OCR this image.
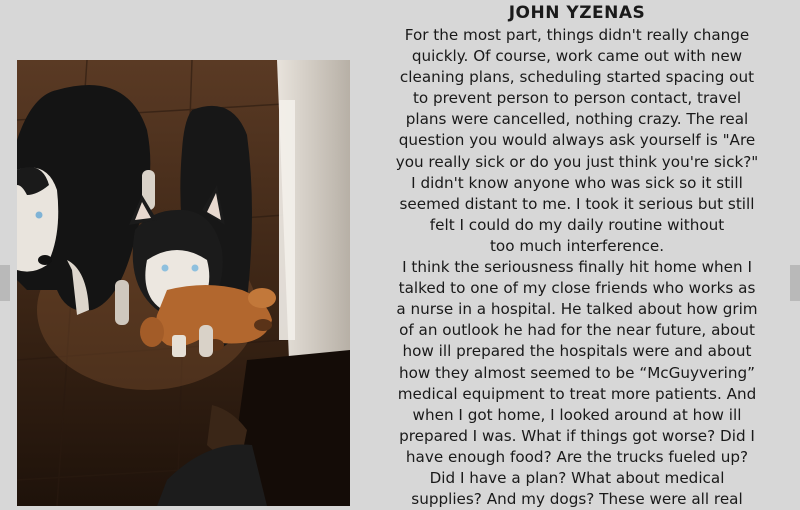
JOHN YZENAS
For the most part, things didn't really change
quickly. Of course, work came out with new
cleaning plans, scheduling started spacing out
to prevent person to person contact, travel
plans were cancelled, nothing crazy. The real
question you would always ask yourself is "Are
you really sick or do you just think you're sick?"
I didn't know anyone who was sick so it still
seemed distant to me. I took it serious but still
felt I could do my daily routine without
too much interference.
I think the seriousness finally hit home when I
talked to one of my close friends who works as
a nurse in a hospital. He talked about how grim
of an outlook he had for the near future, about
how ill prepared the hospitals were and about
how they almost seemed to be “McGuyvering”
medical equipment to treat more patients. And
when I got home, I looked around at how ill
prepared I was. What if things got worse? Did I
have enough food? Are the trucks fueled up?
Did I have a plan? What about medical
supplies? And my dogs? These were all real
